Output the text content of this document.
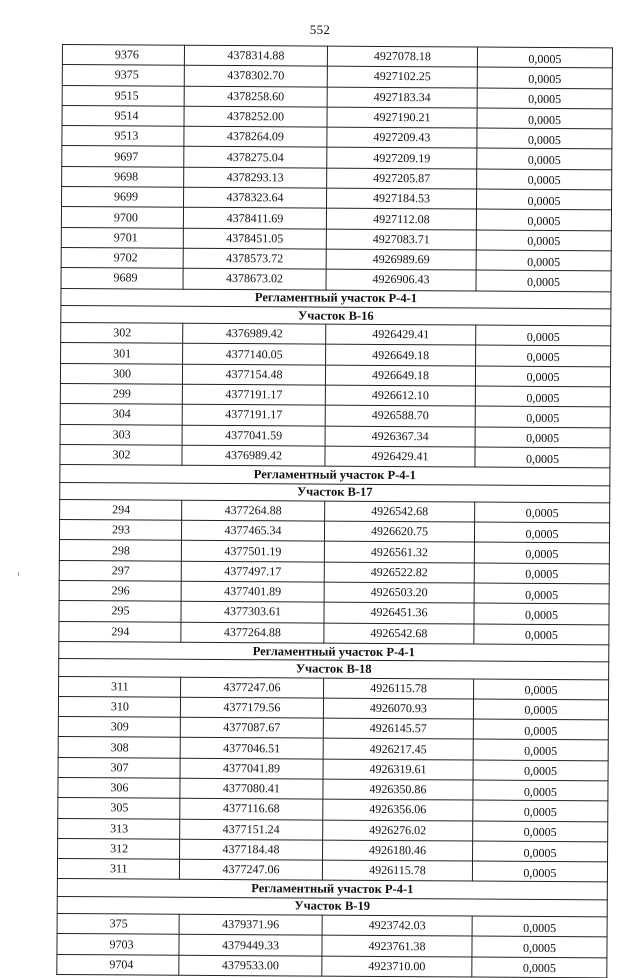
552
9376	4378314.88	4927078.18	0,0005
9375	4378302.70	4927102.25	0,0005
9515	4378258.60	4927183.34	0,0005
9514	4378252.00	4927190.21	0,0005
9513	4378264.09	4927209.43	0,0005
9697	4378275.04	4927209.19	0,0005
9698	4378293.13	4927205.87	0,0005
9699	4378323.64	4927184.53	0,0005
9700	4378411.69	4927112.08	0,0005
9701	4378451.05	4927083.71	0,0005
9702	4378573.72	4926989.69	0,0005
9689	4378673.02	4926906.43	0,0005
Регламентный участок Р-4-1			
Участок В-16			
302	4376989.42	4926429.41	0,0005
301	4377140.05	4926649.18	0,0005
300	4377154.48	4926649.18	0,0005
299	4377191.17	4926612.10	0,0005
304	4377191.17	4926588.70	0,0005
303	4377041.59	4926367.34	0,0005
302	4376989.42	4926429.41	0,0005
Регламентный участок Р-4-1			
Участок В-17			
294	4377264.88	4926542.68	0,0005
293	4377465.34	4926620.75	0,0005
298	4377501.19	4926561.32	0,0005
297	4377497.17	4926522.82	0,0005
296	4377401.89	4926503.20	0,0005
295	4377303.61	4926451.36	0,0005
294	4377264.88	4926542.68	0,0005
Регламентный участок Р-4-1			
Участок В-18			
311	4377247.06	4926115.78	0,0005
310	4377179.56	4926070.93	0,0005
309	4377087.67	4926145.57	0,0005
308	4377046.51	4926217.45	0,0005
307	4377041.89	4926319.61	0,0005
306	4377080.41	4926350.86	0,0005
305	4377116.68	4926356.06	0,0005
313	4377151.24	4926276.02	0,0005
312	4377184.48	4926180.46	0,0005
311	4377247.06	4926115.78	0,0005
Регламентный участок Р-4-1			
Участок В-19			
375	4379371.96	4923742.03	0,0005
9703	4379449.33	4923761.38	0,0005
9704	4379533.00	4923710.00	0,0005
